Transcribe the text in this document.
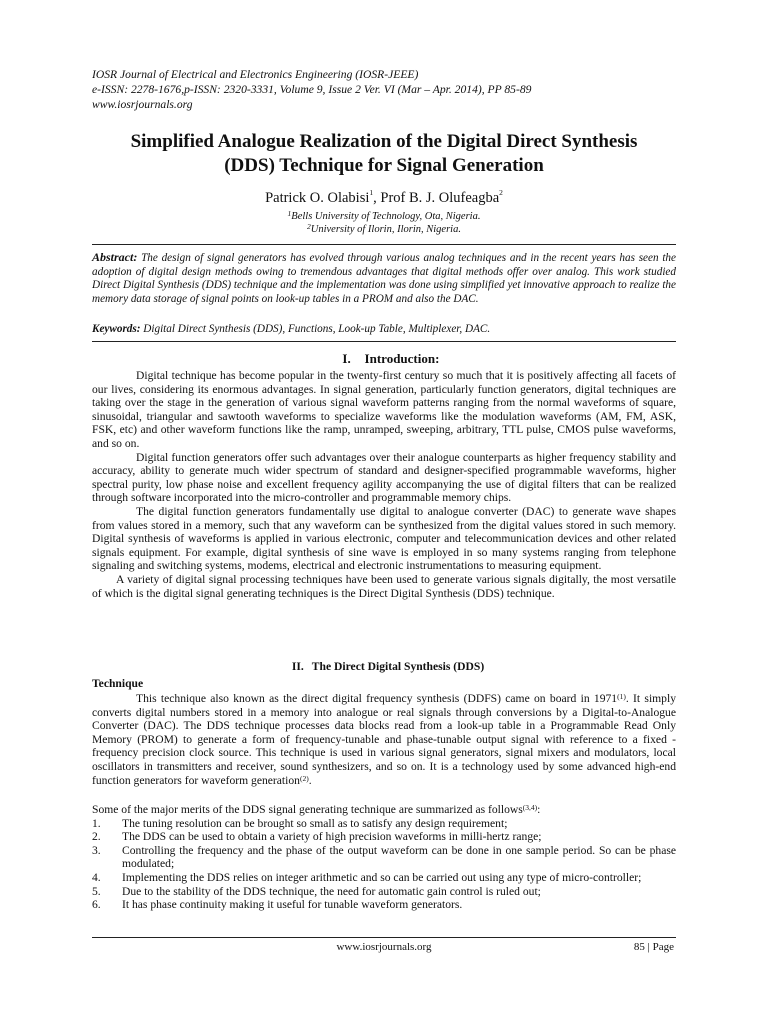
IOSR Journal of Electrical and Electronics Engineering (IOSR-JEEE)
e-ISSN: 2278-1676,p-ISSN: 2320-3331, Volume 9, Issue 2 Ver. VI (Mar – Apr. 2014), PP 85-89
www.iosrjournals.org
Simplified Analogue Realization of the Digital Direct Synthesis
(DDS) Technique for Signal Generation
Patrick O. Olabisi$^1$, Prof B. J. Olufeagba$^2$
$^1$Bells University of Technology, Ota, Nigeria.
$^2$University of Ilorin, Ilorin, Nigeria.
Abstract: The design of signal generators has evolved through various analog techniques and in the recent years has seen the adoption of digital design methods owing to tremendous advantages that digital methods offer over analog. This work studied Direct Digital Synthesis (DDS) technique and the implementation was done using simplified yet innovative approach to realize the memory data storage of signal points on look-up tables in a PROM and also the DAC.
Keywords: Digital Direct Synthesis (DDS), Functions, Look-up Table, Multiplexer, DAC.
I. Introduction:

Digital technique has become popular in the twenty-first century so much that it is positively affecting all facets of our lives, considering its enormous advantages. In signal generation, particularly function generators, digital techniques are taking over the stage in the generation of various signal waveform patterns ranging from the normal waveforms of square, sinusoidal, triangular and sawtooth waveforms to specialize waveforms like the modulation waveforms (AM, FM, ASK, FSK, etc) and other waveform functions like the ramp, unramped, sweeping, arbitrary, TTL pulse, CMOS pulse waveforms, and so on.

Digital function generators offer such advantages over their analogue counterparts as higher frequency stability and accuracy, ability to generate much wider spectrum of standard and designer-specified programmable waveforms, higher spectral purity, low phase noise and excellent frequency agility accompanying the use of digital filters that can be realized through software incorporated into the micro-controller and programmable memory chips.

The digital function generators fundamentally use digital to analogue converter (DAC) to generate wave shapes from values stored in a memory, such that any waveform can be synthesized from the digital values stored in such memory. Digital synthesis of waveforms is applied in various electronic, computer and telecommunication devices and other related signals equipment. For example, digital synthesis of sine wave is employed in so many systems ranging from telephone signaling and switching systems, modems, electrical and electronic instrumentations to measuring equipment.

A variety of digital signal processing techniques have been used to generate various signals digitally, the most versatile of which is the digital signal generating techniques is the Direct Digital Synthesis (DDS) technique.

II. The Direct Digital Synthesis (DDS)
Technique

This technique also known as the direct digital frequency synthesis (DDFS) came on board in 1971$^{(1)}$. It simply converts digital numbers stored in a memory into analogue or real signals through conversions by a Digital-to-Analogue Converter (DAC). The DDS technique processes data blocks read from a look-up table in a Programmable Read Only Memory (PROM) to generate a form of frequency-tunable and phase-tunable output signal with reference to a fixed - frequency precision clock source. This technique is used in various signal generators, signal mixers and modulators, local oscillators in transmitters and receiver, sound synthesizers, and so on. It is a technology used by some advanced high-end function generators for waveform generation$^{(2)}$.

Some of the major merits of the DDS signal generating technique are summarized as follows$^{(3,4)}$:
1.	The tuning resolution can be brought so small as to satisfy any design requirement;
2.	The DDS can be used to obtain a variety of high precision waveforms in milli-hertz range;
3.	Controlling the frequency and the phase of the output waveform can be done in one sample period. So can be phase modulated;
4.	Implementing the DDS relies on integer arithmetic and so can be carried out using any type of micro-controller;
5.	Due to the stability of the DDS technique, the need for automatic gain control is ruled out;
6.	It has phase continuity making it useful for tunable waveform generators.
www.iosrjournals.org	85 | Page
